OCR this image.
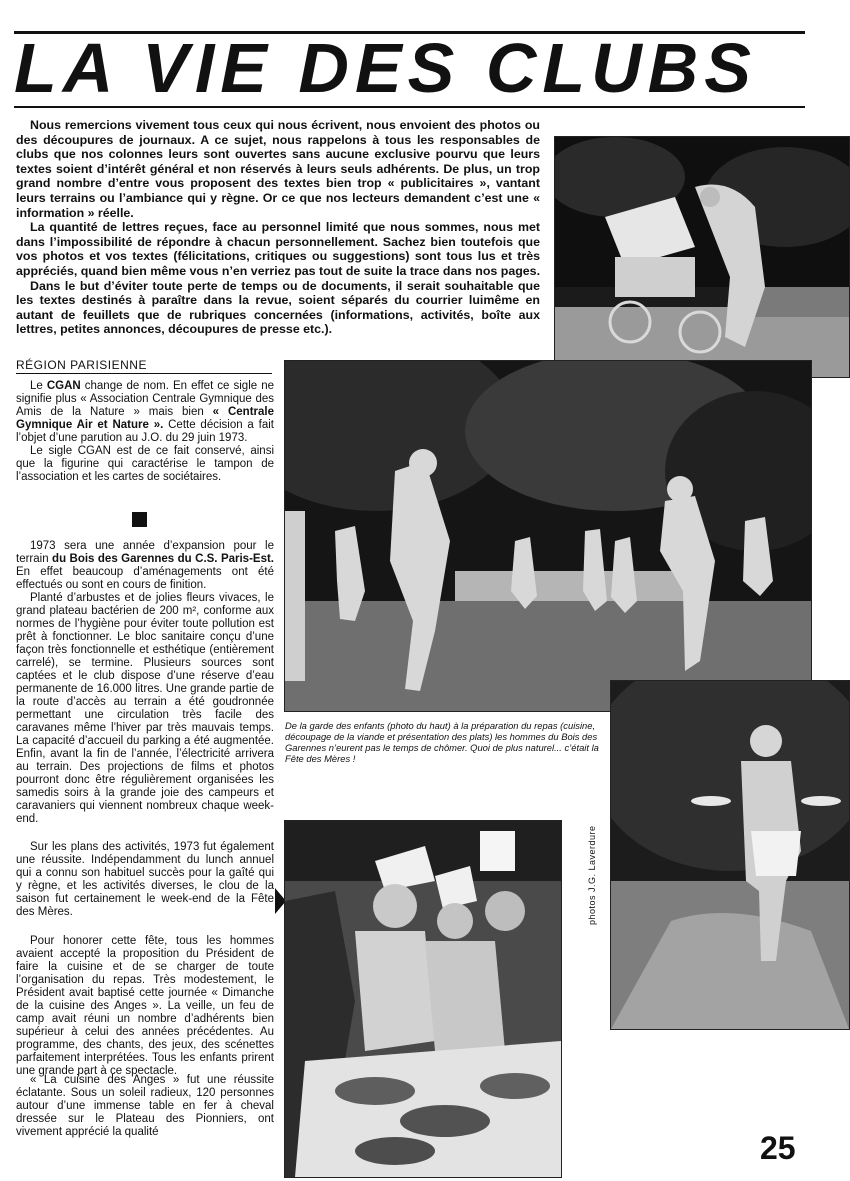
LA VIE DES CLUBS

Nous remercions vivement tous ceux qui nous écrivent, nous envoient des photos ou des découpures de journaux. A ce sujet, nous rappelons à tous les responsables de clubs que nos colonnes leurs sont ouvertes sans aucune exclusive pourvu que leurs textes soient d’intérêt général et non réservés à leurs seuls adhérents. De plus, un trop grand nombre d’entre vous proposent des textes bien trop « publicitaires », vantant leurs terrains ou l’ambiance qui y règne. Or ce que nos lecteurs demandent c’est une « information » réelle.

La quantité de lettres reçues, face au personnel limité que nous sommes, nous met dans l’impossibilité de répondre à chacun personnellement. Sachez bien toutefois que vos photos et vos textes (félicitations, critiques ou suggestions) sont tous lus et très appréciés, quand bien même vous n’en verriez pas tout de suite la trace dans nos pages.

Dans le but d’éviter toute perte de temps ou de documents, il serait souhaitable que les textes destinés à paraître dans la revue, soient séparés du courrier luimême en autant de feuillets que de rubriques concernées (informations, activités, boîte aux lettres, petites annonces, découpures de presse etc.).

RÉGION PARISIENNE

Le CGAN change de nom. En effet ce sigle ne signifie plus « Association Centrale Gymnique des Amis de la Nature » mais bien « Centrale Gymnique Air et Nature ». Cette décision a fait l’objet d’une parution au J.O. du 29 juin 1973.

Le sigle CGAN est de ce fait conservé, ainsi que la figurine qui caractérise le tampon de l’association et les cartes de sociétaires.

1973 sera une année d’expansion pour le terrain du Bois des Garennes du C.S. Paris-Est. En effet beaucoup d’aménagements ont été effectués ou sont en cours de finition.

Planté d’arbustes et de jolies fleurs vivaces, le grand plateau bactérien de 200 m², conforme aux normes de l’hygiène pour éviter toute pollution est prêt à fonctionner. Le bloc sanitaire conçu d’une façon très fonctionnelle et esthétique (entièrement carrelé), se termine. Plusieurs sources sont captées et le club dispose d’une réserve d’eau permanente de 16.000 litres. Une grande partie de la route d’accès au terrain a été goudronnée permettant une circulation très facile des caravanes même l’hiver par très mauvais temps. La capacité d’accueil du parking a été augmentée. Enfin, avant la fin de l’année, l’électricité arrivera au terrain. Des projections de films et photos pourront donc être régulièrement organisées les samedis soirs à la grande joie des campeurs et caravaniers qui viennent nombreux chaque week-end.

Sur les plans des activités, 1973 fut également une réussite. Indépendamment du lunch annuel qui a connu son habituel succès pour la gaîté qui y règne, et les activités diverses, le clou de la saison fut certainement le week-end de la Fête des Mères.

Pour honorer cette fête, tous les hommes avaient accepté la proposition du Président de faire la cuisine et de se charger de toute l’organisation du repas. Très modestement, le Président avait baptisé cette journée « Dimanche de la cuisine des Anges ». La veille, un feu de camp avait réuni un nombre d’adhérents bien supérieur à celui des années précédentes. Au programme, des chants, des jeux, des scénettes parfaitement interprétées. Tous les enfants prirent une grande part à ce spectacle.

« La cuisine des Anges » fut une réussite éclatante. Sous un soleil radieux, 120 personnes autour d’une immense table en fer à cheval dressée sur le Plateau des Pionniers, ont vivement apprécié la qualité

De la garde des enfants (photo du haut) à la préparation du repas (cuisine, découpage de la viande et présentation des plats) les hommes du Bois des Garennes n’eurent pas le temps de chômer. Quoi de plus naturel... c’était la Fête des Mères !

photos J.G. Laverdure
25
